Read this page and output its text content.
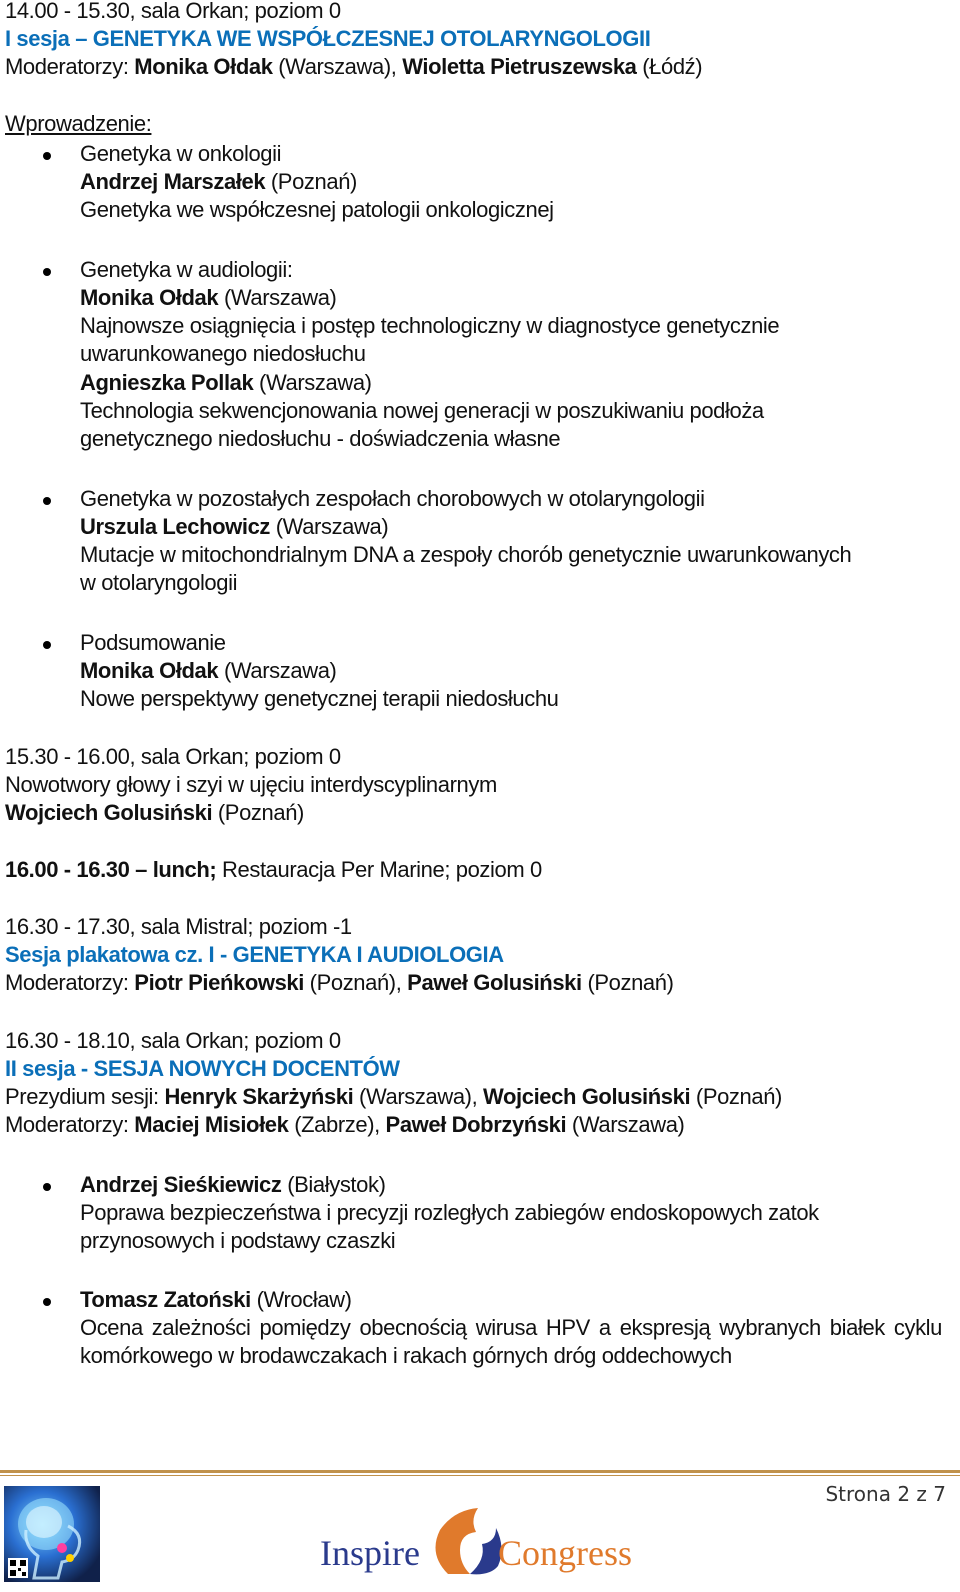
14.00 - 15.30, sala Orkan; poziom 0
I sesja – GENETYKA WE WSPÓŁCZESNEJ OTOLARYNGOLOGII
Moderatorzy: Monika Ołdak (Warszawa), Wioletta Pietruszewska (Łódź)
Wprowadzenie:
Genetyka w onkologii
Andrzej Marszałek (Poznań)
Genetyka we współczesnej patologii onkologicznej
Genetyka w audiologii:
Monika Ołdak (Warszawa)
Najnowsze osiągnięcia i postęp technologiczny w diagnostyce genetycznie uwarunkowanego niedosłuchu
Agnieszka Pollak (Warszawa)
Technologia sekwencjonowania nowej generacji w poszukiwaniu podłoża genetycznego niedosłuchu - doświadczenia własne
Genetyka w pozostałych zespołach chorobowych w otolaryngologii
Urszula Lechowicz (Warszawa)
Mutacje w mitochondrialnym DNA a zespoły chorób genetycznie uwarunkowanych w otolaryngologii
Podsumowanie
Monika Ołdak (Warszawa)
Nowe perspektywy genetycznej terapii niedosłuchu
15.30 - 16.00, sala Orkan; poziom 0
Nowotwory głowy i szyi w ujęciu interdyscyplinarnym
Wojciech Golusiński (Poznań)
16.00 - 16.30 – lunch; Restauracja Per Marine; poziom 0
16.30 - 17.30, sala Mistral; poziom -1
Sesja plakatowa cz. I - GENETYKA I AUDIOLOGIA
Moderatorzy: Piotr Pieńkowski (Poznań), Paweł Golusiński (Poznań)
16.30 - 18.10, sala Orkan; poziom 0
II sesja - SESJA NOWYCH DOCENTÓW
Prezydium sesji: Henryk Skarżyński (Warszawa), Wojciech Golusiński (Poznań)
Moderatorzy: Maciej Misiołek (Zabrze), Paweł Dobrzyński (Warszawa)
Andrzej Sieśkiewicz (Białystok)
Poprawa bezpieczeństwa i precyzji rozległych zabiegów endoskopowych zatok przynosowych i podstawy czaszki
Tomasz Zatoński (Wrocław)
Ocena zależności pomiędzy obecnością wirusa HPV a ekspresją wybranych białek cyklu komórkowego w brodawczakach i rakach górnych dróg oddechowych
Strona 2 z 7
Inspire Congress
